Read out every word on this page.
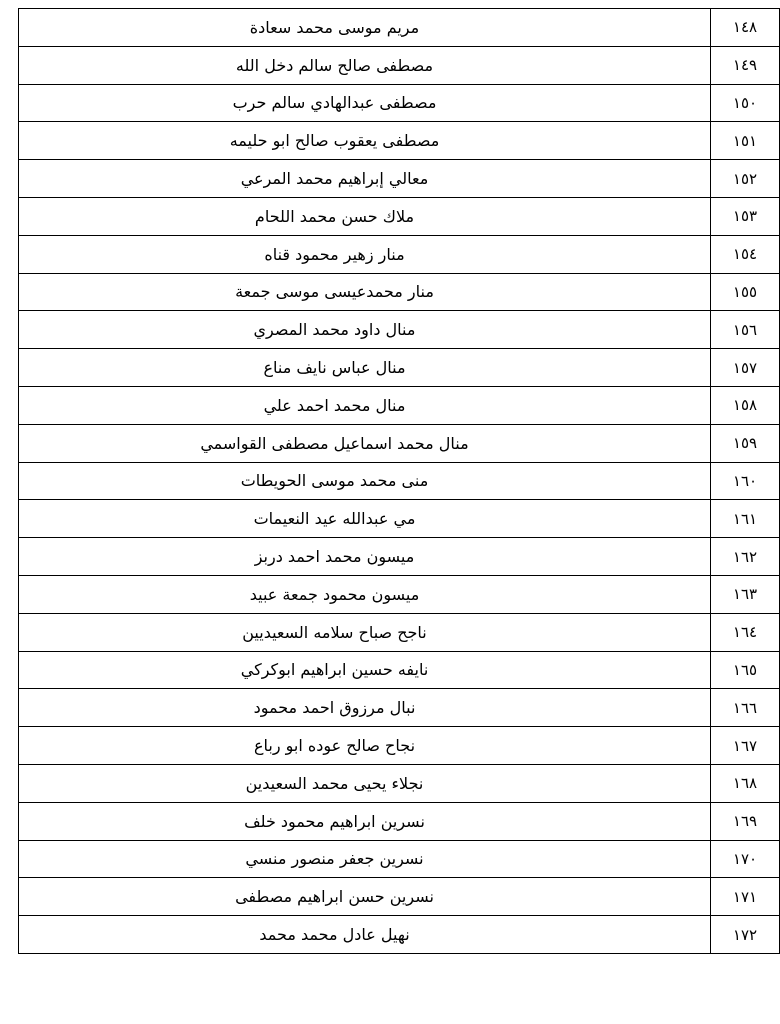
١٤٨	مريم موسى محمد سعادة
١٤٩	مصطفى صالح سالم دخل الله
١٥٠	مصطفى عبدالهادي سالم حرب
١٥١	مصطفى يعقوب صالح ابو حليمه
١٥٢	معالي إبراهيم محمد المرعي
١٥٣	ملاك حسن محمد اللحام
١٥٤	منار زهير محمود قناه
١٥٥	منار محمدعيسى موسى جمعة
١٥٦	منال داود محمد المصري
١٥٧	منال عباس نايف مناع
١٥٨	منال محمد احمد علي
١٥٩	منال محمد اسماعيل مصطفى القواسمي
١٦٠	منى محمد موسى الحويطات
١٦١	مي عبدالله عيد النعيمات
١٦٢	ميسون محمد احمد دربز
١٦٣	ميسون محمود جمعة عبيد
١٦٤	ناجح صباح سلامه السعيديين
١٦٥	نايفه حسين ابراهيم ابوكركي
١٦٦	نبال مرزوق احمد محمود
١٦٧	نجاح صالح عوده ابو رباع
١٦٨	نجلاء يحيى محمد السعيدين
١٦٩	نسرين ابراهيم محمود خلف
١٧٠	نسرين جعفر منصور منسي
١٧١	نسرين حسن ابراهيم مصطفى
١٧٢	نهيل عادل محمد محمد
